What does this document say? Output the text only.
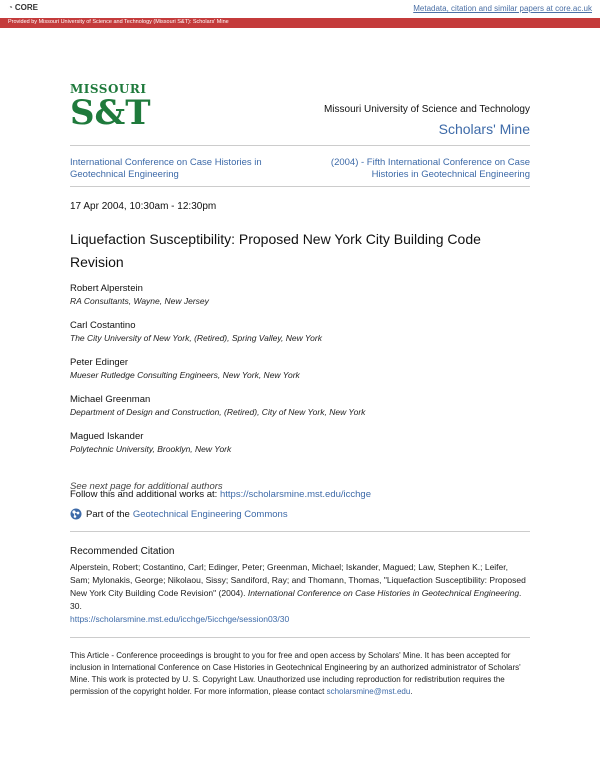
◔ CORE	Metadata, citation and similar papers at core.ac.uk
Provided by Missouri University of Science and Technology (Missouri S&T): Scholars' Mine
MISSOURI
S&T	Missouri University of Science and Technology
Scholars' Mine
International Conference on Case Histories in Geotechnical Engineering
(2004) - Fifth International Conference on Case Histories in Geotechnical Engineering
17 Apr 2004, 10:30am - 12:30pm
Liquefaction Susceptibility: Proposed New York City Building Code Revision
Robert Alperstein
RA Consultants, Wayne, New Jersey
Carl Costantino
The City University of New York, (Retired), Spring Valley, New York
Peter Edinger
Mueser Rutledge Consulting Engineers, New York, New York
Michael Greenman
Department of Design and Construction, (Retired), City of New York, New York
Magued Iskander
Polytechnic University, Brooklyn, New York
See next page for additional authors
Follow this and additional works at: https://scholarsmine.mst.edu/icchge
Part of the Geotechnical Engineering Commons
Recommended Citation
Alperstein, Robert; Costantino, Carl; Edinger, Peter; Greenman, Michael; Iskander, Magued; Law, Stephen K.; Leifer, Sam; Mylonakis, George; Nikolaou, Sissy; Sandiford, Ray; and Thomann, Thomas, "Liquefaction Susceptibility: Proposed New York City Building Code Revision" (2004). International Conference on Case Histories in Geotechnical Engineering. 30.
https://scholarsmine.mst.edu/icchge/5icchge/session03/30
This Article - Conference proceedings is brought to you for free and open access by Scholars' Mine. It has been accepted for inclusion in International Conference on Case Histories in Geotechnical Engineering by an authorized administrator of Scholars' Mine. This work is protected by U. S. Copyright Law. Unauthorized use including reproduction for redistribution requires the permission of the copyright holder. For more information, please contact scholarsmine@mst.edu.
